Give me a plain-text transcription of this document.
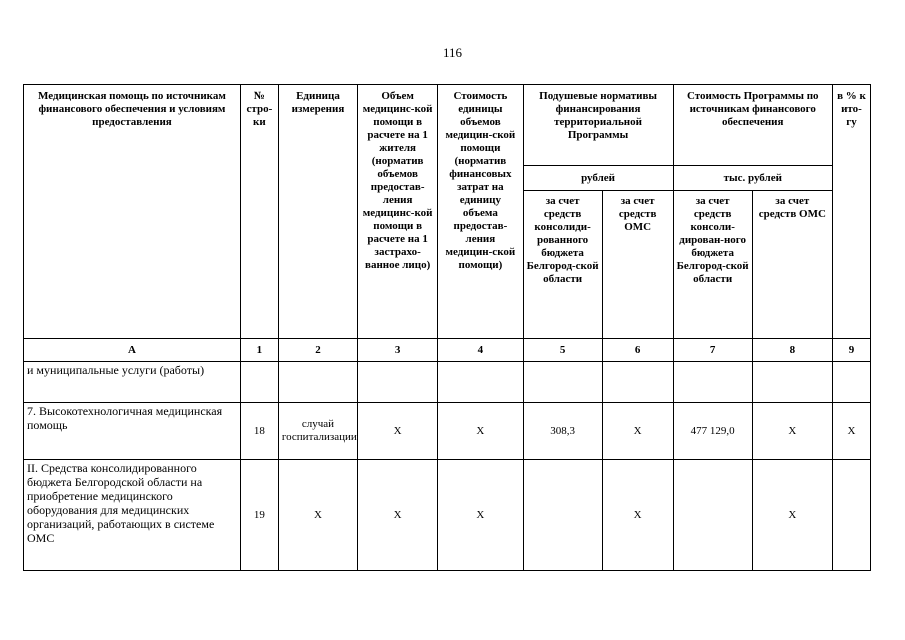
116
Медицинская помощь по источникам финансового обеспечения и условиям предоставления	№ стро-ки	Единица измерения	Объем медицинс-кой помощи в расчете на 1 жителя (норматив объемов предостав-ления медицинс-кой помощи в расчете на 1 застрахо-ванное лицо)	Стоимость единицы объемов медицин-ской помощи (норматив финансовых затрат на единицу объема предостав-ления медицин-ской помощи)	Подушевые нормативы финансирования территориальной Программы		Стоимость Программы по источникам финансового обеспечения		в % к ито-гу
					рублей		тыс. рублей		
					за счет средств консолиди-рованного бюджета Белгород-ской области	за счет средств ОМС	за счет средств консоли-дирован-ного бюджета Белгород-ской области	за счет средств ОМС	
А	1	2	3	4	5	6	7	8	9
и муниципальные услуги (работы)									
7. Высокотехнологичная медицинская помощь	18	случай госпитализации	Х	Х	308,3	Х	477 129,0	Х	Х
II. Средства консолидированного бюджета Белгородской области на приобретение медицинского оборудования для медицинских организаций, работающих в системе ОМС	19	Х	Х	Х		Х		Х	
